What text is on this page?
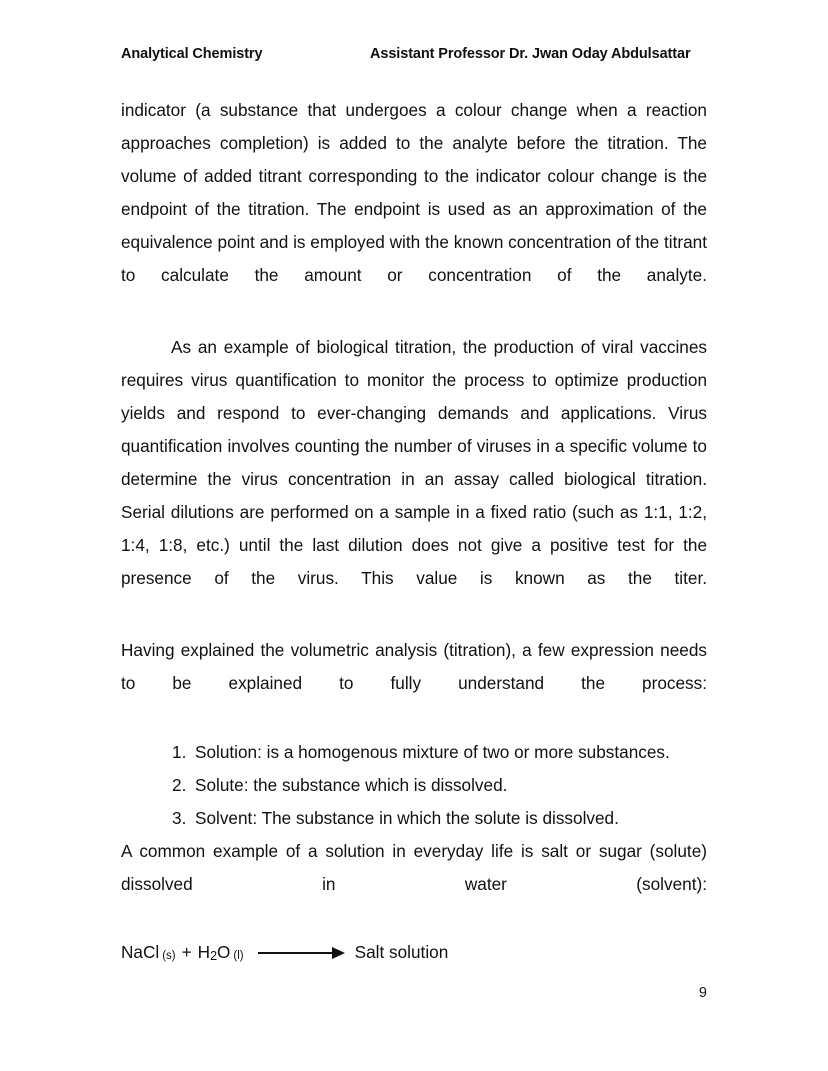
Analytical Chemistry	Assistant Professor Dr. Jwan Oday Abdulsattar

indicator (a substance that undergoes a colour change when a reaction approaches completion) is added to the analyte before the titration. The volume of added titrant corresponding to the indicator colour change is the endpoint of the titration. The endpoint is used as an approximation of the equivalence point and is employed with the known concentration of the titrant to calculate the amount or concentration of the analyte.

As an example of biological titration, the production of viral vaccines requires virus quantification to monitor the process to optimize production yields and respond to ever-changing demands and applications. Virus quantification involves counting the number of viruses in a specific volume to determine the virus concentration in an assay called biological titration. Serial dilutions are performed on a sample in a fixed ratio (such as 1:1, 1:2, 1:4, 1:8, etc.) until the last dilution does not give a positive test for the presence of the virus. This value is known as the titer.

Having explained the volumetric analysis (titration), a few expression needs to be explained to fully understand the process:

Solution: is a homogenous mixture of two or more substances.
Solute: the substance which is dissolved.
Solvent: The substance in which the solute is dissolved.

A common example of a solution in everyday life is salt or sugar (solute) dissolved in water (solvent):

NaCl (s) + H 2 O (l)	Salt solution
9
